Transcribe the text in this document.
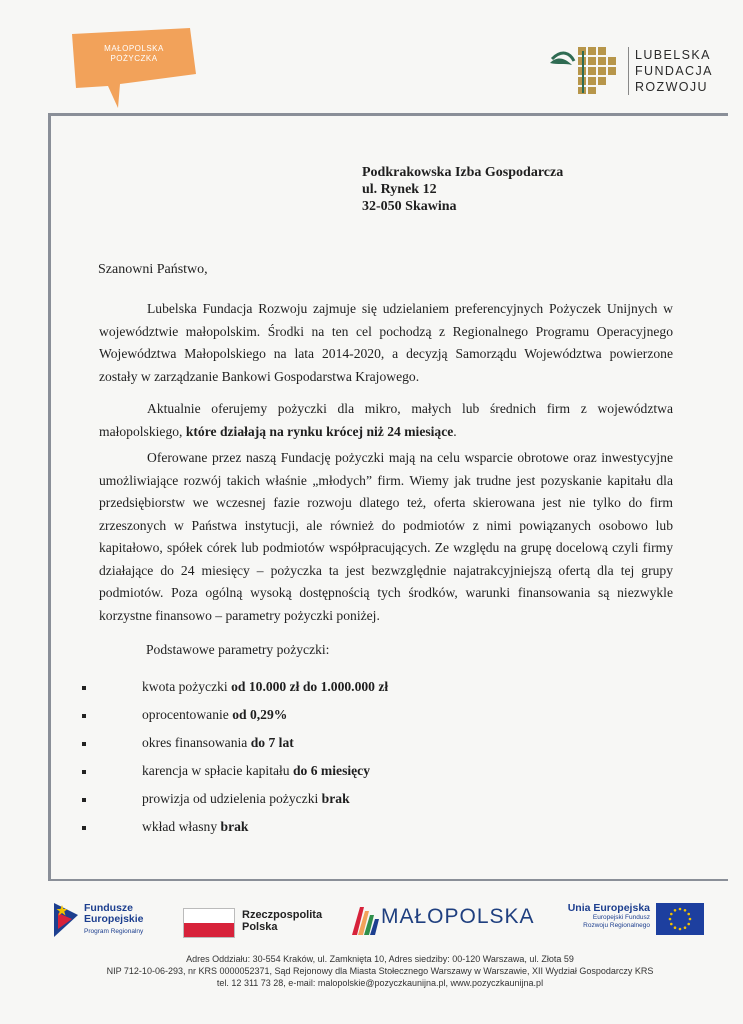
MAŁOPOLSKA
POŻYCZKA	LUBELSKA
FUNDACJA
ROZWOJU
Podkrakowska Izba Gospodarcza
ul. Rynek 12
32-050 Skawina
Szanowni Państwo,
Lubelska Fundacja Rozwoju zajmuje się udzielaniem preferencyjnych Pożyczek Unijnych w województwie małopolskim. Środki na ten cel pochodzą z Regionalnego Programu Operacyjnego Województwa Małopolskiego na lata 2014-2020, a decyzją Samorządu Województwa powierzone zostały w zarządzanie Bankowi Gospodarstwa Krajowego.
Aktualnie oferujemy pożyczki dla mikro, małych lub średnich firm z województwa małopolskiego, które działają na rynku krócej niż 24 miesiące.
Oferowane przez naszą Fundację pożyczki mają na celu wsparcie obrotowe oraz inwestycyjne umożliwiające rozwój takich właśnie „młodych” firm. Wiemy jak trudne jest pozyskanie kapitału dla przedsiębiorstw we wczesnej fazie rozwoju dlatego też, oferta skierowana jest nie tylko do firm zrzeszonych w Państwa instytucji, ale również do podmiotów z nimi powiązanych osobowo lub kapitałowo, spółek córek lub podmiotów współpracujących. Ze względu na grupę docelową czyli firmy działające do 24 miesięcy – pożyczka ta jest bezwzględnie najatrakcyjniejszą ofertą dla tej grupy podmiotów. Poza ogólną wysoką dostępnością tych środków, warunki finansowania są niezwykle korzystne finansowo – parametry pożyczki poniżej.
Podstawowe parametry pożyczki:
kwota pożyczki od 10.000 zł do 1.000.000 zł
oprocentowanie od 0,29%
okres finansowania do 7 lat
karencja w spłacie kapitału do 6 miesięcy
prowizja od udzielenia pożyczki brak
wkład własny brak
Fundusze
Europejskie
Program Regionalny
Rzeczpospolita
Polska	MAŁOPOLSKA	Unia Europejska
Europejski Fundusz
Rozwoju Regionalnego
Adres Oddziału: 30-554 Kraków, ul. Zamknięta 10, Adres siedziby: 00-120 Warszawa, ul. Złota 59
NIP 712-10-06-293, nr KRS 0000052371, Sąd Rejonowy dla Miasta Stołecznego Warszawy w Warszawie, XII Wydział Gospodarczy KRS
tel. 12 311 73 28, e-mail: malopolskie@pozyczkaunijna.pl, www.pozyczkaunijna.pl
